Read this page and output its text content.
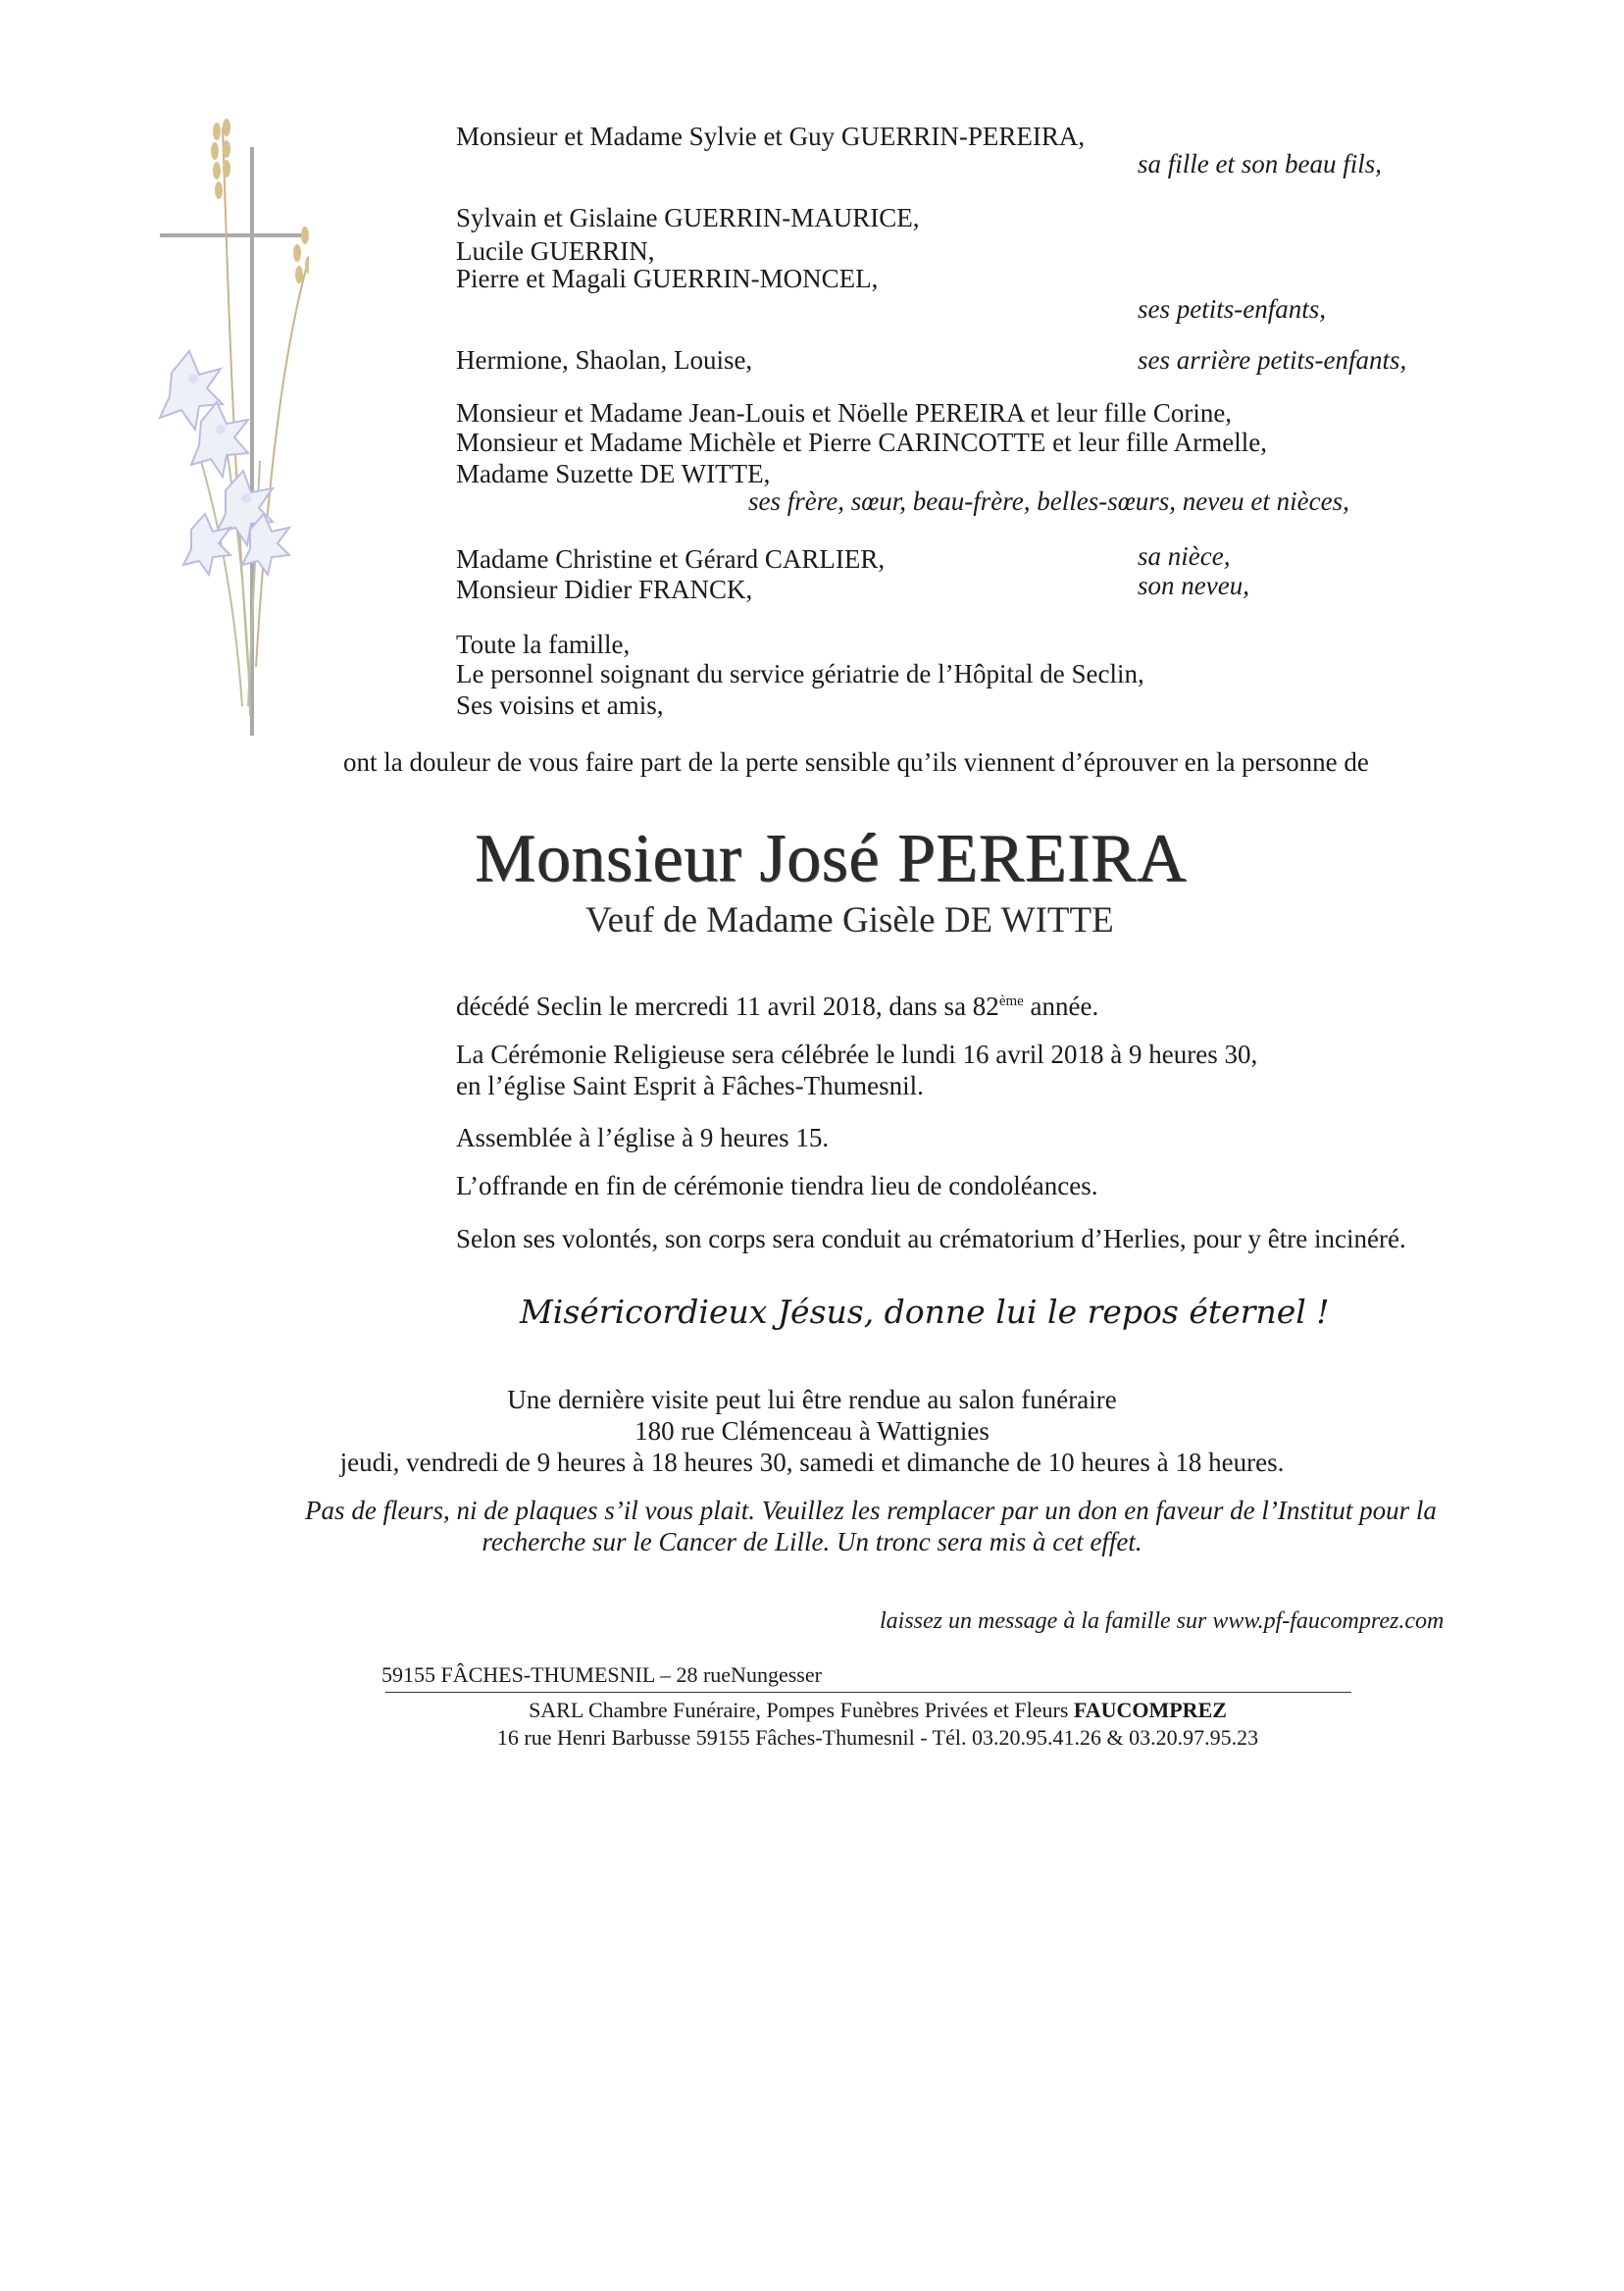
Monsieur et Madame Sylvie et Guy GUERRIN-PEREIRA,
sa fille et son beau fils,
Sylvain et Gislaine GUERRIN-MAURICE,
Lucile GUERRIN,
Pierre et Magali GUERRIN-MONCEL,
ses petits-enfants,
Hermione, Shaolan, Louise,	ses arrière petits-enfants,
Monsieur et Madame Jean-Louis et Nöelle PEREIRA et leur fille Corine,
Monsieur et Madame Michèle et Pierre CARINCOTTE et leur fille Armelle,
Madame Suzette DE WITTE,
ses frère, sœur, beau-frère, belles-sœurs, neveu et nièces,
Madame Christine et Gérard CARLIER,	sa nièce,
Monsieur Didier FRANCK,	son neveu,
Toute la famille,
Le personnel soignant du service gériatrie de l’Hôpital de Seclin,
Ses voisins et amis,
ont la douleur de vous faire part de la perte sensible qu’ils viennent d’éprouver en la personne de
Monsieur José PEREIRA
Veuf de Madame Gisèle DE WITTE
décédé Seclin le mercredi 11 avril 2018, dans sa 82ème année.
La Cérémonie Religieuse sera célébrée le lundi 16 avril 2018 à 9 heures 30,
en l’église Saint Esprit à Fâches-Thumesnil.
Assemblée à l’église à 9 heures 15.
L’offrande en fin de cérémonie tiendra lieu de condoléances.
Selon ses volontés, son corps sera conduit au crématorium d’Herlies, pour y être incinéré.
Miséricordieux Jésus, donne lui le repos éternel !
Une dernière visite peut lui être rendue au salon funéraire
180 rue Clémenceau à Wattignies
jeudi, vendredi de 9 heures à 18 heures 30, samedi et dimanche de 10 heures à 18 heures.
Pas de fleurs, ni de plaques s’il vous plait. Veuillez les remplacer par un don en faveur de l’Institut pour la
recherche sur le Cancer de Lille. Un tronc sera mis à cet effet.
laissez un message à la famille sur www.pf-faucomprez.com
59155 FÂCHES-THUMESNIL – 28 rueNungesser
SARL Chambre Funéraire, Pompes Funèbres Privées et Fleurs FAUCOMPREZ
16 rue Henri Barbusse 59155 Fâches-Thumesnil - Tél. 03.20.95.41.26 & 03.20.97.95.23
